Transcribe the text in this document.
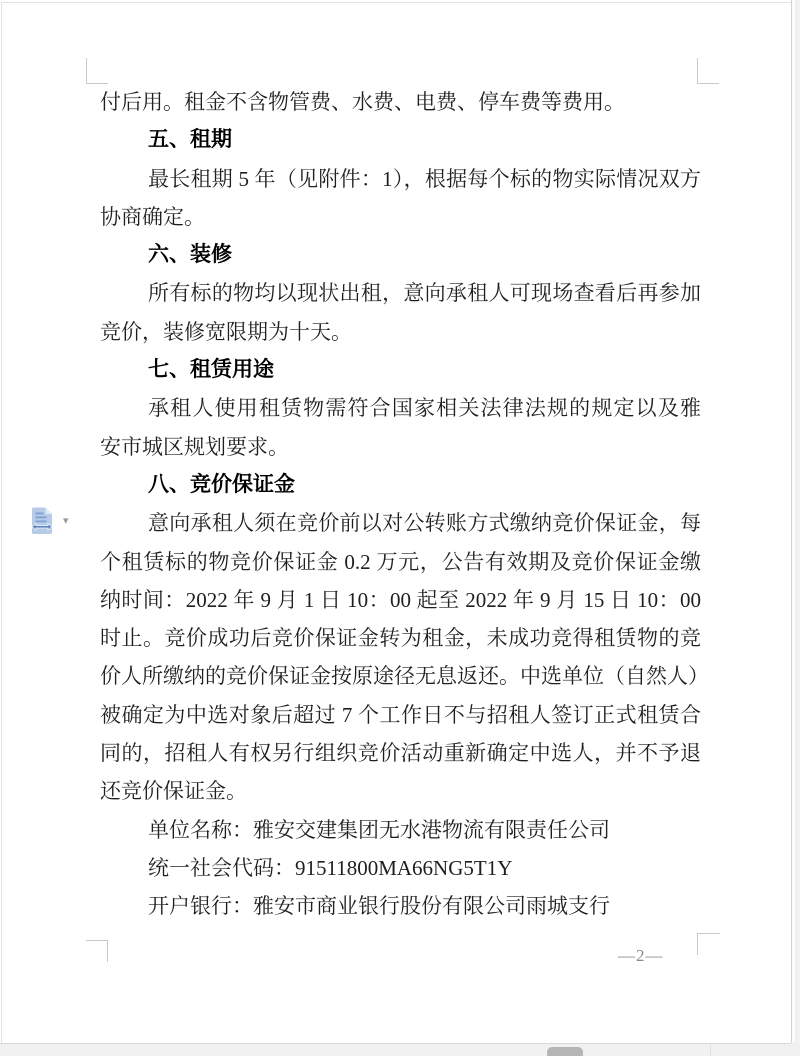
付后用。租金不含物管费、水费、电费、停车费等费用。
五、租期
最长租期 5 年（见附件：1），根据每个标的物实际情况双方
协商确定。
六、装修
所有标的物均以现状出租，意向承租人可现场查看后再参加
竞价，装修宽限期为十天。
七、租赁用途
承租人使用租赁物需符合国家相关法律法规的规定以及雅
安市城区规划要求。
八、竞价保证金
意向承租人须在竞价前以对公转账方式缴纳竞价保证金，每
个租赁标的物竞价保证金 0.2 万元，公告有效期及竞价保证金缴
纳时间：2022 年 9 月 1 日 10：00 起至 2022 年 9 月 15 日 10：00
时止。竞价成功后竞价保证金转为租金，未成功竞得租赁物的竞
价人所缴纳的竞价保证金按原途径无息返还。中选单位（自然人）
被确定为中选对象后超过 7 个工作日不与招租人签订正式租赁合
同的，招租人有权另行组织竞价活动重新确定中选人，并不予退
还竞价保证金。
单位名称：雅安交建集团无水港物流有限责任公司
统一社会代码：91511800MA66NG5T1Y
开户银行：雅安市商业银行股份有限公司雨城支行
—2—
▾
